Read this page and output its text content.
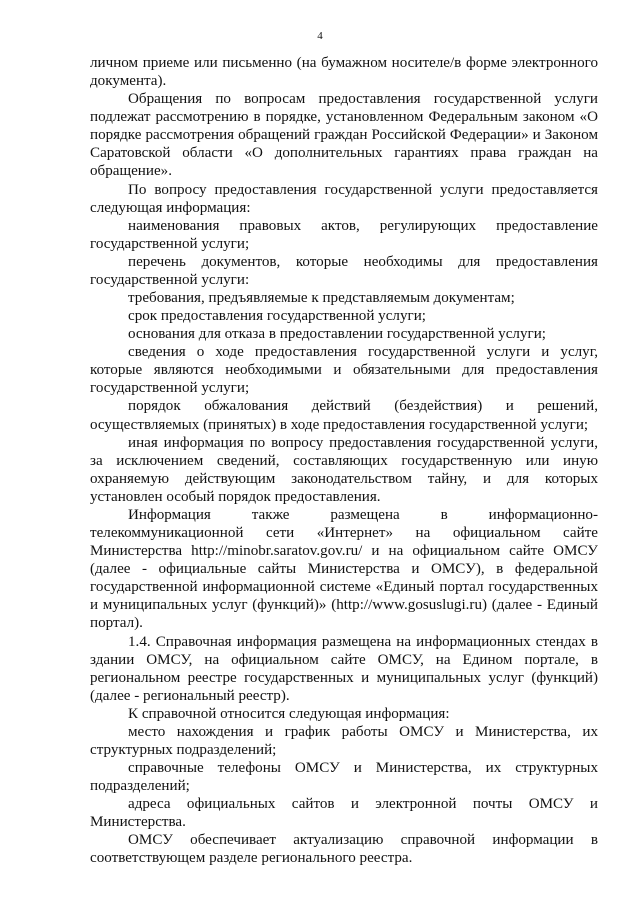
4

личном приеме или письменно (на бумажном носителе/в форме электронного документа).

Обращения по вопросам предоставления государственной услуги подлежат рассмотрению в порядке, установленном Федеральным законом «О порядке рассмотрения обращений граждан Российской Федерации» и Законом Саратовской области «О дополнительных гарантиях права граждан на обращение».

По вопросу предоставления государственной услуги предоставляется следующая информация:

наименования правовых актов, регулирующих предоставление государственной услуги;

перечень документов, которые необходимы для предоставления государственной услуги:

требования, предъявляемые к представляемым документам;

срок предоставления государственной услуги;

основания для отказа в предоставлении государственной услуги;

сведения о ходе предоставления государственной услуги и услуг, которые являются необходимыми и обязательными для предоставления государственной услуги;

порядок обжалования действий (бездействия) и решений, осуществляемых (принятых) в ходе предоставления государственной услуги;

иная информация по вопросу предоставления государственной услуги, за исключением сведений, составляющих государственную или иную охраняемую действующим законодательством тайну, и для которых установлен особый порядок предоставления.

Информация также размещена в информационно-телекоммуникационной сети «Интернет» на официальном сайте Министерства http://minobr.saratov.gov.ru/ и на официальном сайте ОМСУ (далее - официальные сайты Министерства и ОМСУ), в федеральной государственной информационной системе «Единый портал государственных и муниципальных услуг (функций)» (http://www.gosuslugi.ru) (далее - Единый портал).

1.4. Справочная информация размещена на информационных стендах в здании ОМСУ, на официальном сайте ОМСУ, на Едином портале, в региональном реестре государственных и муниципальных услуг (функций) (далее - региональный реестр).

К справочной относится следующая информация:

место нахождения и график работы ОМСУ и Министерства, их структурных подразделений;

справочные телефоны ОМСУ и Министерства, их структурных подразделений;

адреса официальных сайтов и электронной почты ОМСУ и Министерства.

ОМСУ обеспечивает актуализацию справочной информации в соответствующем разделе регионального реестра.
